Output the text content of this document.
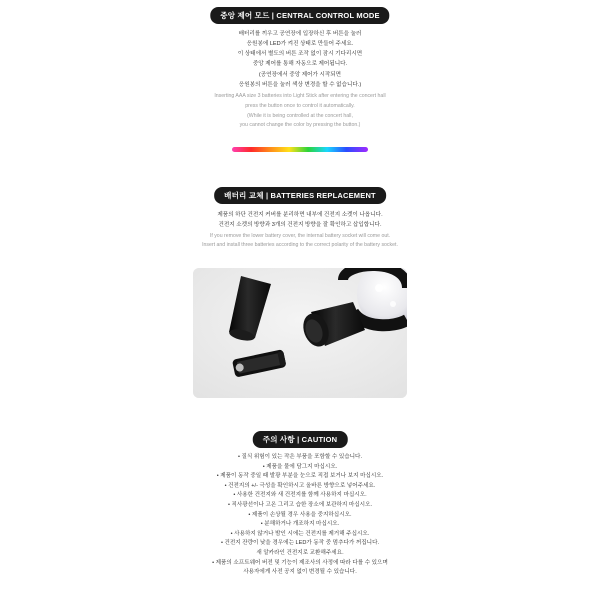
중앙 제어 모드 | CENTRAL CONTROL MODE

배터리를 끼우고 공연장에 입장하신 후 버튼을 눌러

응원봉에 LED가 켜진 상태로 만들어 주세요.

이 상태에서 별도의 버튼 조작 없이 잠시 기다리시면

중앙 제어를 통해 자동으로 제어됩니다.

(공연장에서 중앙 제어가 시작되면

응원봉의 버튼을 눌러 색상 변경을 할 수 없습니다.)

Inserting AAA size 3 batteries into Light Stick after entering the concert hall

press the button once to control it automatically.

(While it is being controlled at the concert hall,

you cannot change the color by pressing the button.)

배터리 교체 | BATTERIES REPLACEMENT

제품의 하단 건전지 커버를 분리하면 내부에 건전지 소켓이 나옵니다.

건전지 소켓의 방향과 3개의 건전지 방향을 잘 확인하고 삽입합니다.

If you remove the lower battery cover, the internal battery socket will come out.

Insert and install three batteries according to the correct polarity of the battery socket.

주의 사항 | CAUTION

• 질식 위험이 있는 작은 부품을 포함할 수 있습니다.

• 제품을 물에 담그지 마십시오.

• 제품이 동작 중일 때 발광 부분을 눈으로 직접 보거나 보지 마십시오.

• 건전지의 +/- 극성을 확인하시고 올바른 방향으로 넣어주세요.

• 사용한 건전지와 새 건전지를 함께 사용하지 마십시오.

• 직사광선이나 고온 그리고 습한 장소에 보관하지 마십시오.

• 제품이 손상될 경우 사용을 중지하십시오.

• 분해하거나 개조하지 마십시오.

• 사용하지 않거나 밤인 시에는 건전지를 제거해 주십시오.

• 건전지 잔량이 낮을 경우에는 LED가 동작 중 멈추다가 꺼집니다.

새 알카라인 건전지로 교환해주세요.

• 제품의 소프트웨어 버전 및 기능이 제조사의 사정에 따라 다를 수 있으며

사용자에게 사전 공지 없이 변경될 수 있습니다.
